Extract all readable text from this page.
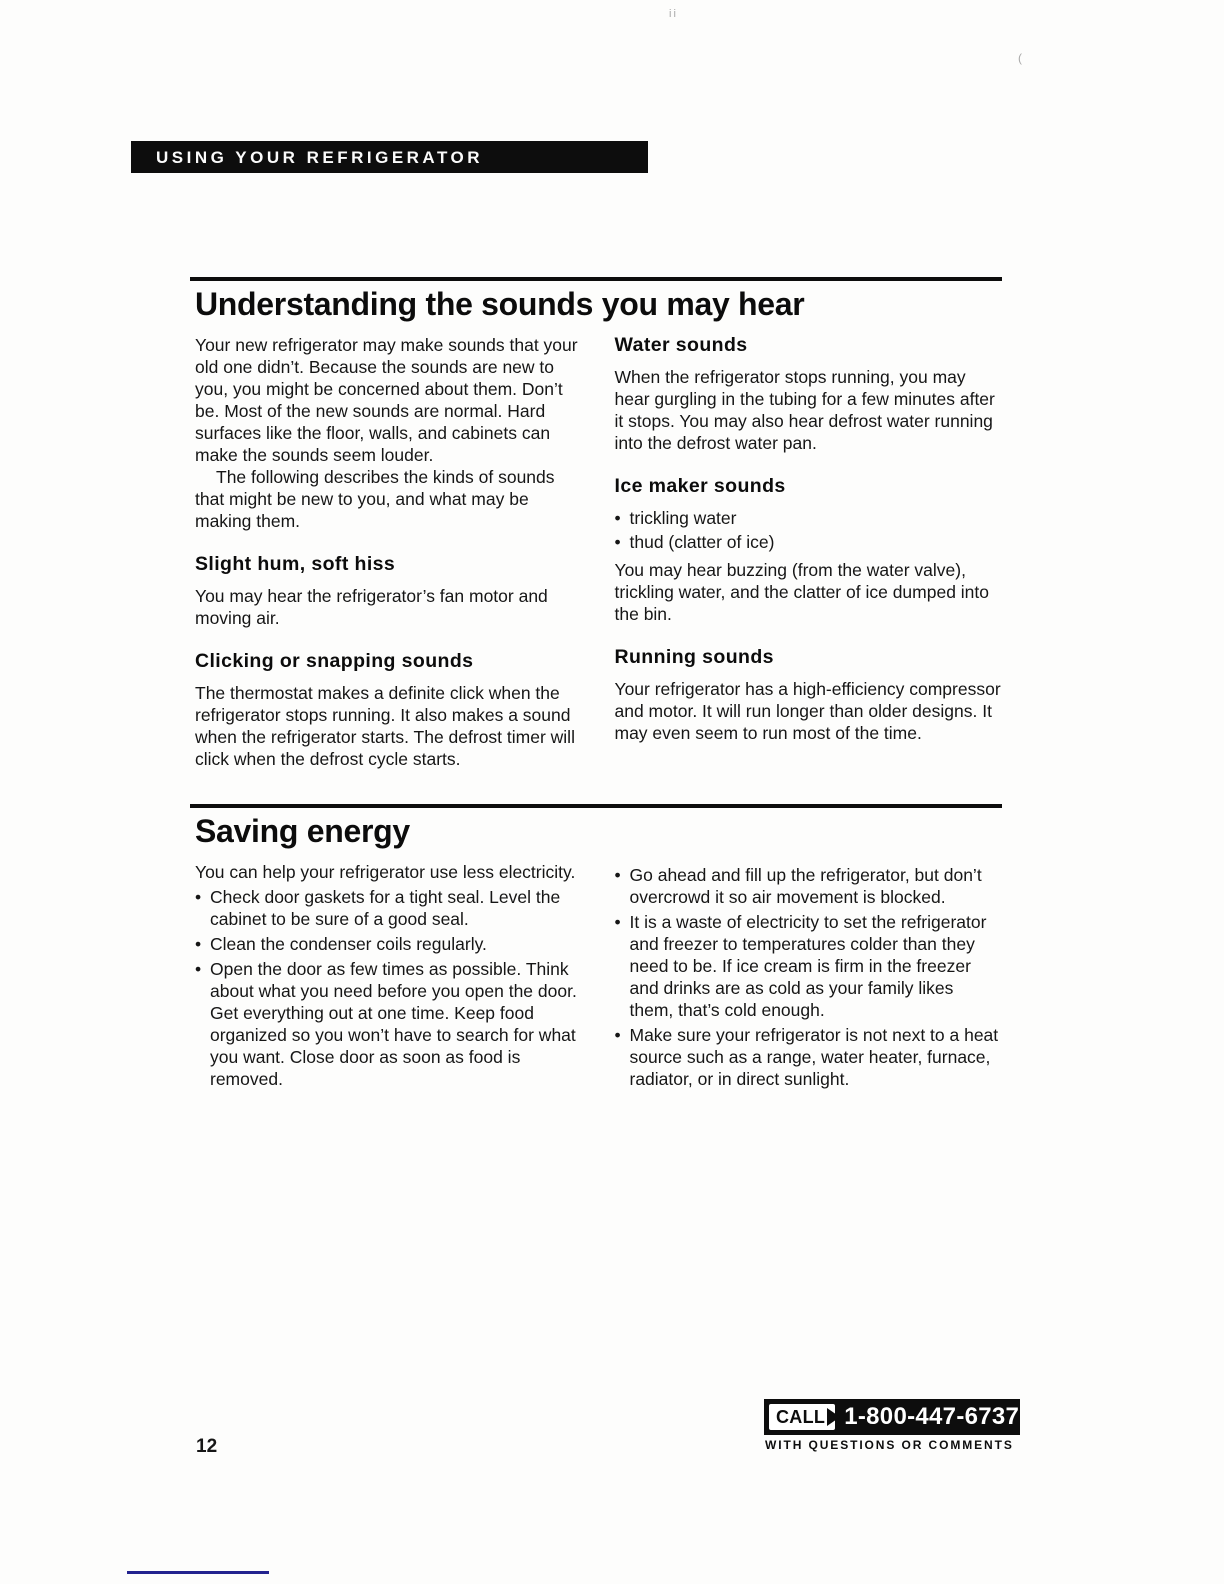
ii
(
USING YOUR REFRIGERATOR
Understanding the sounds you may hear

Your new refrigerator may make sounds that your old one didn’t. Because the sounds are new to you, you might be concerned about them. Don’t be. Most of the new sounds are normal. Hard surfaces like the floor, walls, and cabinets can make the sounds seem louder.

The following describes the kinds of sounds that might be new to you, and what may be making them.

Slight hum, soft hiss

You may hear the refrigerator’s fan motor and moving air.

Clicking or snapping sounds

The thermostat makes a definite click when the refrigerator stops running. It also makes a sound when the refrigerator starts. The defrost timer will click when the defrost cycle starts.

Water sounds

When the refrigerator stops running, you may hear gurgling in the tubing for a few minutes after it stops. You may also hear defrost water running into the defrost water pan.

Ice maker sounds
• trickling water
• thud (clatter of ice)

You may hear buzzing (from the water valve), trickling water, and the clatter of ice dumped into the bin.

Running sounds

Your refrigerator has a high-efficiency compressor and motor. It will run longer than older designs. It may even seem to run most of the time.

Saving energy

You can help your refrigerator use less electricity.

• Check door gaskets for a tight seal. Level the cabinet to be sure of a good seal.
• Clean the condenser coils regularly.
• Open the door as few times as possible. Think about what you need before you open the door. Get everything out at one time. Keep food organized so you won’t have to search for what you want. Close door as soon as food is removed.
• Go ahead and fill up the refrigerator, but don’t overcrowd it so air movement is blocked.
• It is a waste of electricity to set the refrigerator and freezer to temperatures colder than they need to be. If ice cream is firm in the freezer and drinks are as cold as your family likes them, that’s cold enough.
• Make sure your refrigerator is not next to a heat source such as a range, water heater, furnace, radiator, or in direct sunlight.
12
CALL 1-800-447-6737
WITH QUESTIONS OR COMMENTS
